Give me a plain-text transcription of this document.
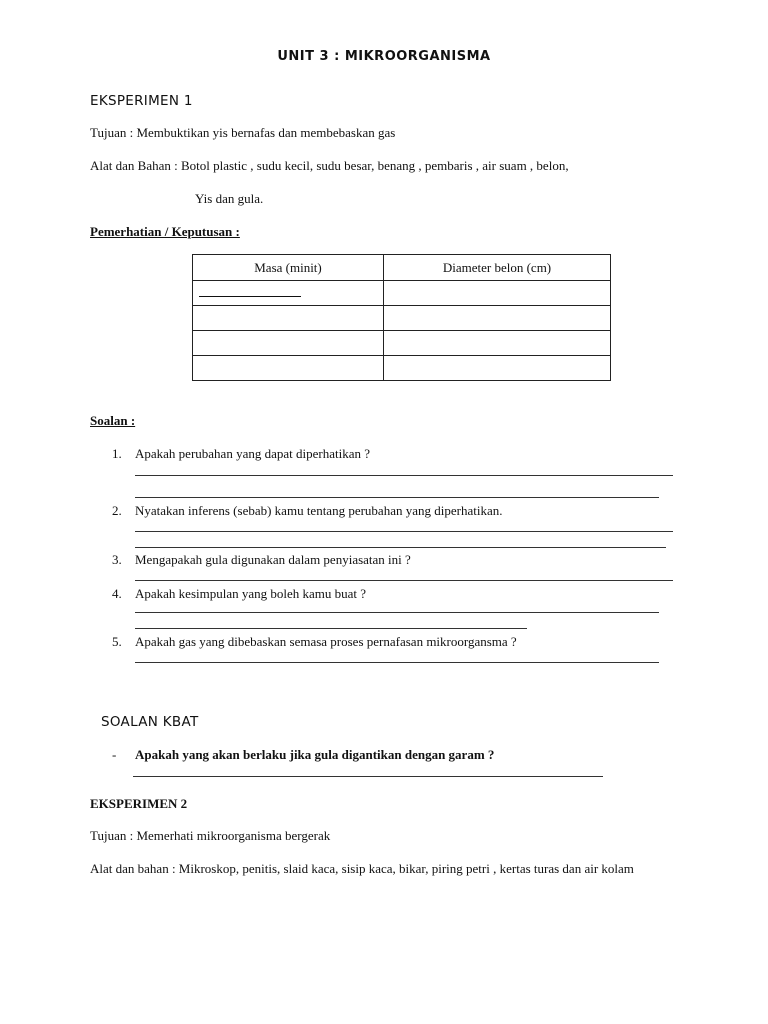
UNIT 3 : MIKROORGANISMA
EKSPERIMEN 1
Tujuan : Membuktikan yis bernafas dan membebaskan gas
Alat dan Bahan : Botol plastic , sudu kecil, sudu besar, benang , pembaris , air suam , belon,
Yis dan gula.
Pemerhatian / Keputusan :
Masa (minit)	Diameter belon (cm)

Soalan :
1. Apakah perubahan yang dapat diperhatikan ?
2. Nyatakan inferens (sebab) kamu tentang perubahan yang diperhatikan.
3. Mengapakah gula digunakan dalam penyiasatan ini ?
4. Apakah kesimpulan yang boleh kamu buat ?
5. Apakah gas yang dibebaskan semasa proses pernafasan mikroorgansma ?
SOALAN KBAT
- Apakah yang akan berlaku jika gula digantikan dengan garam ?
EKSPERIMEN 2
Tujuan : Memerhati mikroorganisma bergerak
Alat dan bahan : Mikroskop, penitis, slaid kaca, sisip kaca, bikar, piring petri , kertas turas dan air kolam
